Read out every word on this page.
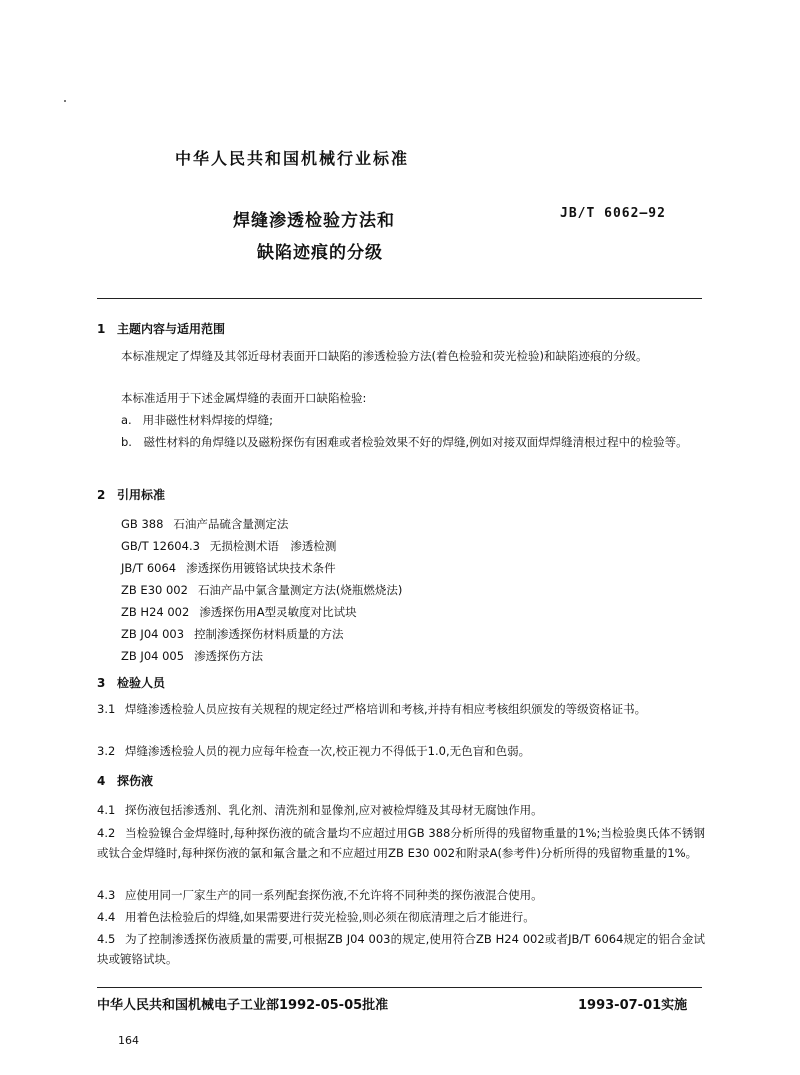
中华人民共和国机械行业标准
焊缝渗透检验方法和
缺陷迹痕的分级
JB/T 6062—92
1 主题内容与适用范围
本标准规定了焊缝及其邻近母材表面开口缺陷的渗透检验方法(着色检验和荧光检验)和缺陷迹痕的分级。
本标准适用于下述金属焊缝的表面开口缺陷检验:
a. 用非磁性材料焊接的焊缝;
b.　磁性材料的角焊缝以及磁粉探伤有困难或者检验效果不好的焊缝,例如对接双面焊焊缝清根过程中的检验等。
2 引用标准
GB 388 石油产品硫含量测定法
GB/T 12604.3 无损检测术语　渗透检测
JB/T 6064 渗透探伤用镀铬试块技术条件
ZB E30 002 石油产品中氯含量测定方法(烧瓶燃烧法)
ZB H24 002 渗透探伤用A型灵敏度对比试块
ZB J04 003 控制渗透探伤材料质量的方法
ZB J04 005 渗透探伤方法
3 检验人员
3.1 焊缝渗透检验人员应按有关规程的规定经过严格培训和考核,并持有相应考核组织颁发的等级资格证书。
3.2 焊缝渗透检验人员的视力应每年检查一次,校正视力不得低于1.0,无色盲和色弱。
4 探伤液
4.1 探伤液包括渗透剂、乳化剂、清洗剂和显像剂,应对被检焊缝及其母材无腐蚀作用。
4.2 当检验镍合金焊缝时,每种探伤液的硫含量均不应超过用GB 388分析所得的残留物重量的1%;当检验奥氏体不锈钢或钛合金焊缝时,每种探伤液的氯和氟含量之和不应超过用ZB E30 002和附录A(参考件)分析所得的残留物重量的1%。
4.3 应使用同一厂家生产的同一系列配套探伤液,不允许将不同种类的探伤液混合使用。
4.4 用着色法检验后的焊缝,如果需要进行荧光检验,则必须在彻底清理之后才能进行。
4.5 为了控制渗透探伤液质量的需要,可根据ZB J04 003的规定,使用符合ZB H24 002或者JB/T 6064规定的铝合金试块或镀铬试块。
中华人民共和国机械电子工业部1992-05-05批准	1993-07-01实施
164
